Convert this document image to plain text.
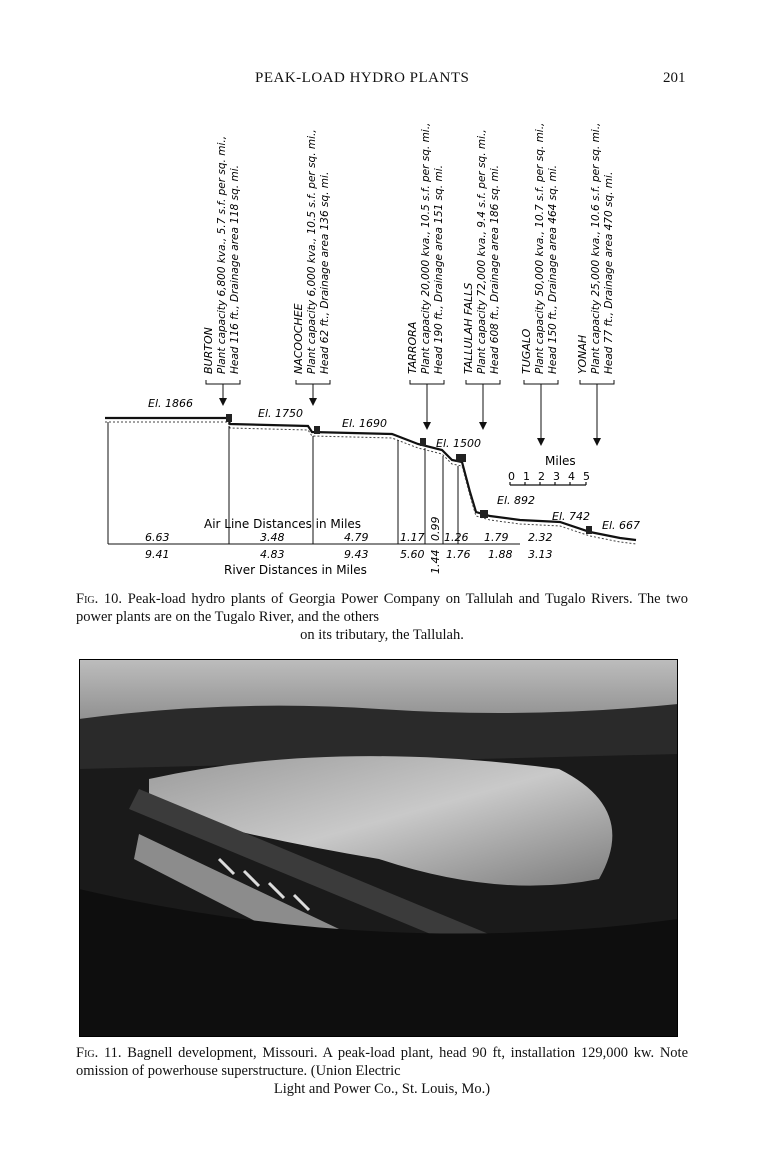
PEAK-LOAD HYDRO PLANTS	201
BURTON Plant capacity 6,800 kva., 5.7 s.f. per sq. mi., Head 116 ft., Drainage area 118 sq. mi.	NACOOCHEE Plant capacity 6,000 kva., 10.5 s.f. per sq. mi., Head 62 ft., Drainage area 136 sq. mi.	TARRORA Plant capacity 20,000 kva., 10.5 s.f. per sq. mi., Head 190 ft., Drainage area 151 sq. mi. TALLULAH FALLS Plant capacity 72,000 kva., 9.4 s.f. per sq. mi., Head 608 ft., Drainage area 186 sq. mi. TUGALO Plant capacity 50,000 kva., 10.7 s.f. per sq. mi., Head 150 ft., Drainage area 464 sq. mi. YONAH Plant capacity 25,000 kva., 10.6 s.f. per sq. mi., Head 77 ft., Drainage area 470 sq. mi.
El. 1866
El. 1750
El. 1690
El. 1500
El. 892
El. 742
El. 667
Miles
0 1 2 3 4 5
Air Line Distances in Miles
6.63	3.48	4.79	1.17 0.99 1.26 1.79 2.32
9.41	4.83	9.43	5.60 1.44 1.76 1.88 3.13
River Distances in Miles
Fig. 10. Peak-load hydro plants of Georgia Power Company on Tallulah and Tugalo Rivers. The two power plants are on the Tugalo River, and the others
on its tributary, the Tallulah.
Fig. 11. Bagnell development, Missouri. A peak-load plant, head 90 ft, installation 129,000 kw. Note omission of powerhouse superstructure. (Union Electric
Light and Power Co., St. Louis, Mo.)
